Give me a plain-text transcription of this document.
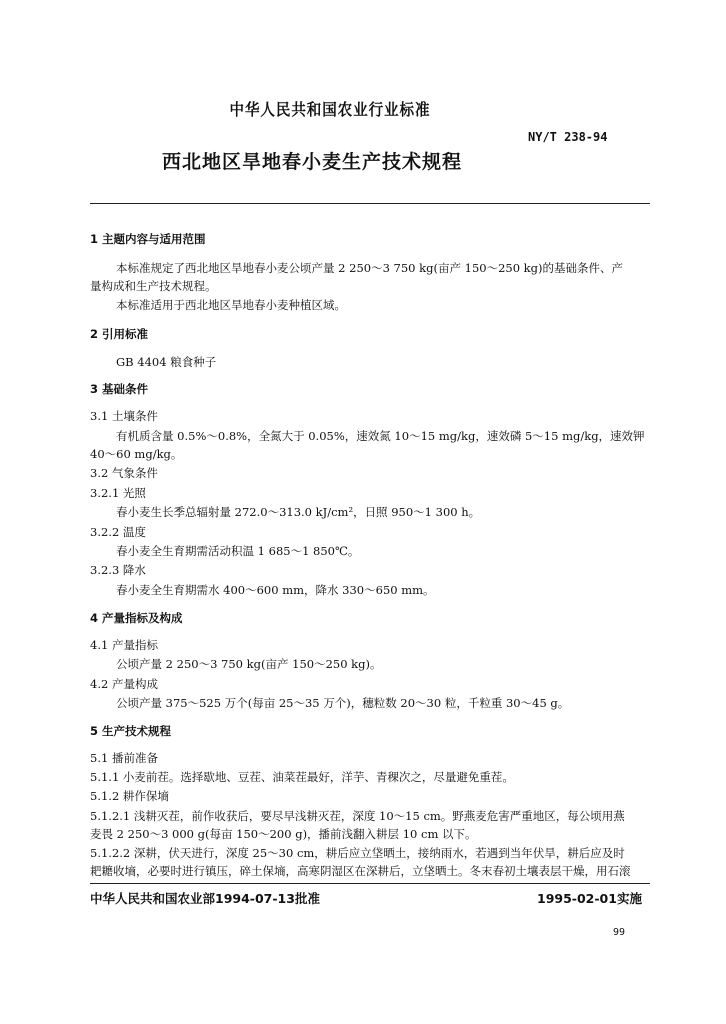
中华人民共和国农业行业标准
NY/T 238-94
西北地区旱地春小麦生产技术规程
1 主题内容与适用范围
本标准规定了西北地区旱地春小麦公顷产量 2 250～3 750 kg(亩产 150～250 kg)的基础条件、产
量构成和生产技术规程。
本标准适用于西北地区旱地春小麦种植区域。
2 引用标准
GB 4404 粮食种子
3 基础条件
3.1 土壤条件
有机质含量 0.5%～0.8%，全氮大于 0.05%，速效氮 10～15 mg/kg，速效磷 5～15 mg/kg，速效钾
40～60 mg/kg。
3.2 气象条件
3.2.1 光照
春小麦生长季总辐射量 272.0～313.0 kJ/cm²，日照 950～1 300 h。
3.2.2 温度
春小麦全生育期需活动积温 1 685～1 850℃。
3.2.3 降水
春小麦全生育期需水 400～600 mm，降水 330～650 mm。
4 产量指标及构成
4.1 产量指标
公顷产量 2 250～3 750 kg(亩产 150～250 kg)。
4.2 产量构成
公顷产量 375～525 万个(每亩 25～35 万个)，穗粒数 20～30 粒，千粒重 30～45 g。
5 生产技术规程
5.1 播前准备
5.1.1 小麦前茬。选择歇地、豆茬、油菜茬最好，洋芋、青稞次之，尽量避免重茬。
5.1.2 耕作保墒
5.1.2.1 浅耕灭茬，前作收获后，要尽早浅耕灭茬，深度 10～15 cm。野燕麦危害严重地区，每公顷用燕
麦畏 2 250～3 000 g(每亩 150～200 g)，播前浅翻入耕层 10 cm 以下。
5.1.2.2 深耕，伏天进行，深度 25～30 cm，耕后应立垡晒土，接纳雨水，若遇到当年伏旱，耕后应及时
耙耱收墒，必要时进行镇压，碎土保墒，高寒阴湿区在深耕后，立垡晒土。冬末春初土壤表层干燥，用石滚
中华人民共和国农业部1994-07-13批准	1995-02-01实施
99
